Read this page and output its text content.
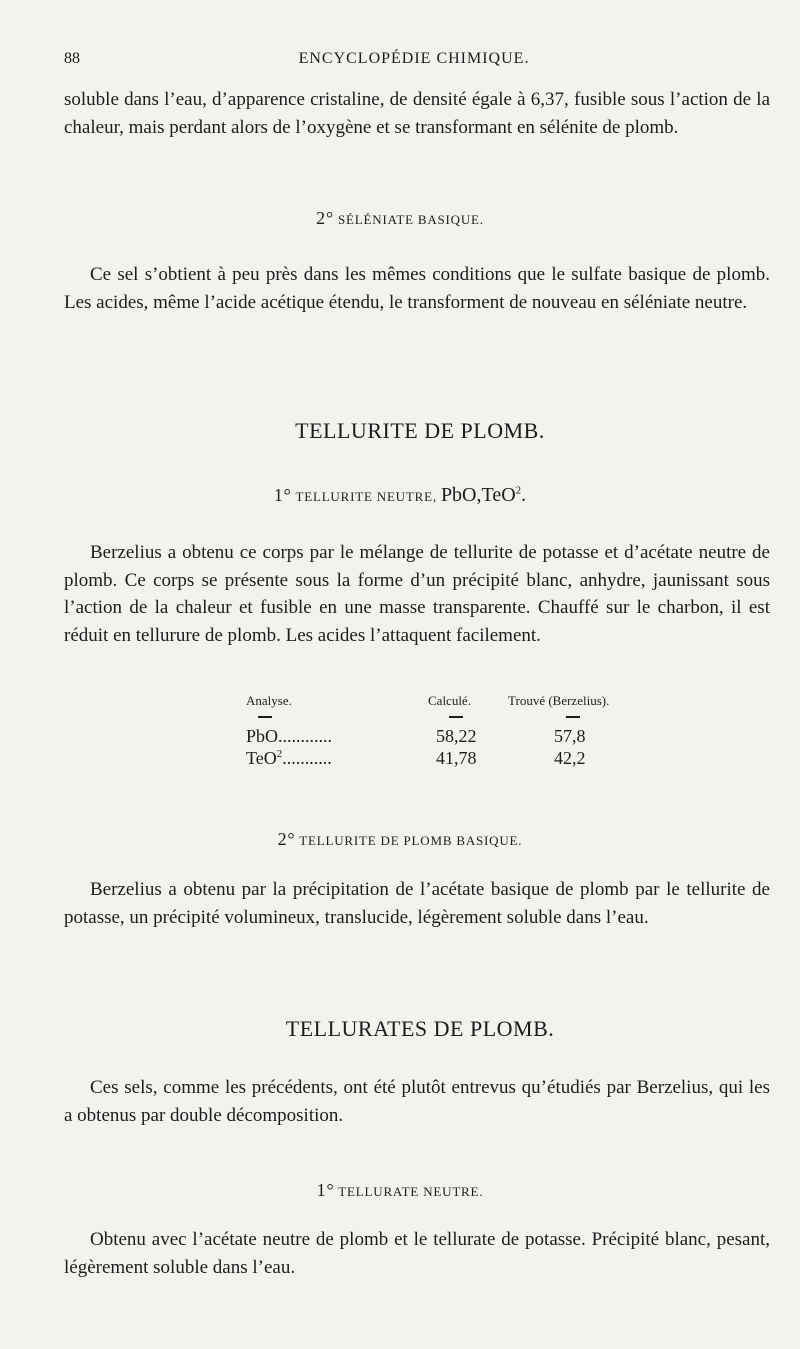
88	ENCYCLOPÉDIE CHIMIQUE.
soluble dans l’eau, d’apparence cristaline, de densité égale à 6,37, fusible sous l’action de la chaleur, mais perdant alors de l’oxygène et se transformant en sélénite de plomb.
2° SÉLÉNIATE BASIQUE.
Ce sel s’obtient à peu près dans les mêmes conditions que le sulfate basique de plomb. Les acides, même l’acide acétique étendu, le transforment de nouveau en séléniate neutre.
TELLURITE DE PLOMB.
1° TELLURITE NEUTRE, PbO,TeO$^2$.
Berzelius a obtenu ce corps par le mélange de tellurite de potasse et d’acétate neutre de plomb. Ce corps se présente sous la forme d’un précipité blanc, anhydre, jaunissant sous l’action de la chaleur et fusible en une masse transparente. Chauffé sur le charbon, il est réduit en tellurure de plomb. Les acides l’attaquent facilement.
Analyse.	Calculé.	Trouvé (Berzelius).
PbO............	58,22	57,8
TeO$^2$...........	41,78	42,2
2° TELLURITE DE PLOMB BASIQUE.
Berzelius a obtenu par la précipitation de l’acétate basique de plomb par le tellurite de potasse, un précipité volumineux, translucide, légèrement soluble dans l’eau.
TELLURATES DE PLOMB.
Ces sels, comme les précédents, ont été plutôt entrevus qu’étudiés par Berzelius, qui les a obtenus par double décomposition.
1° TELLURATE NEUTRE.
Obtenu avec l’acétate neutre de plomb et le tellurate de potasse. Précipité blanc, pesant, légèrement soluble dans l’eau.
